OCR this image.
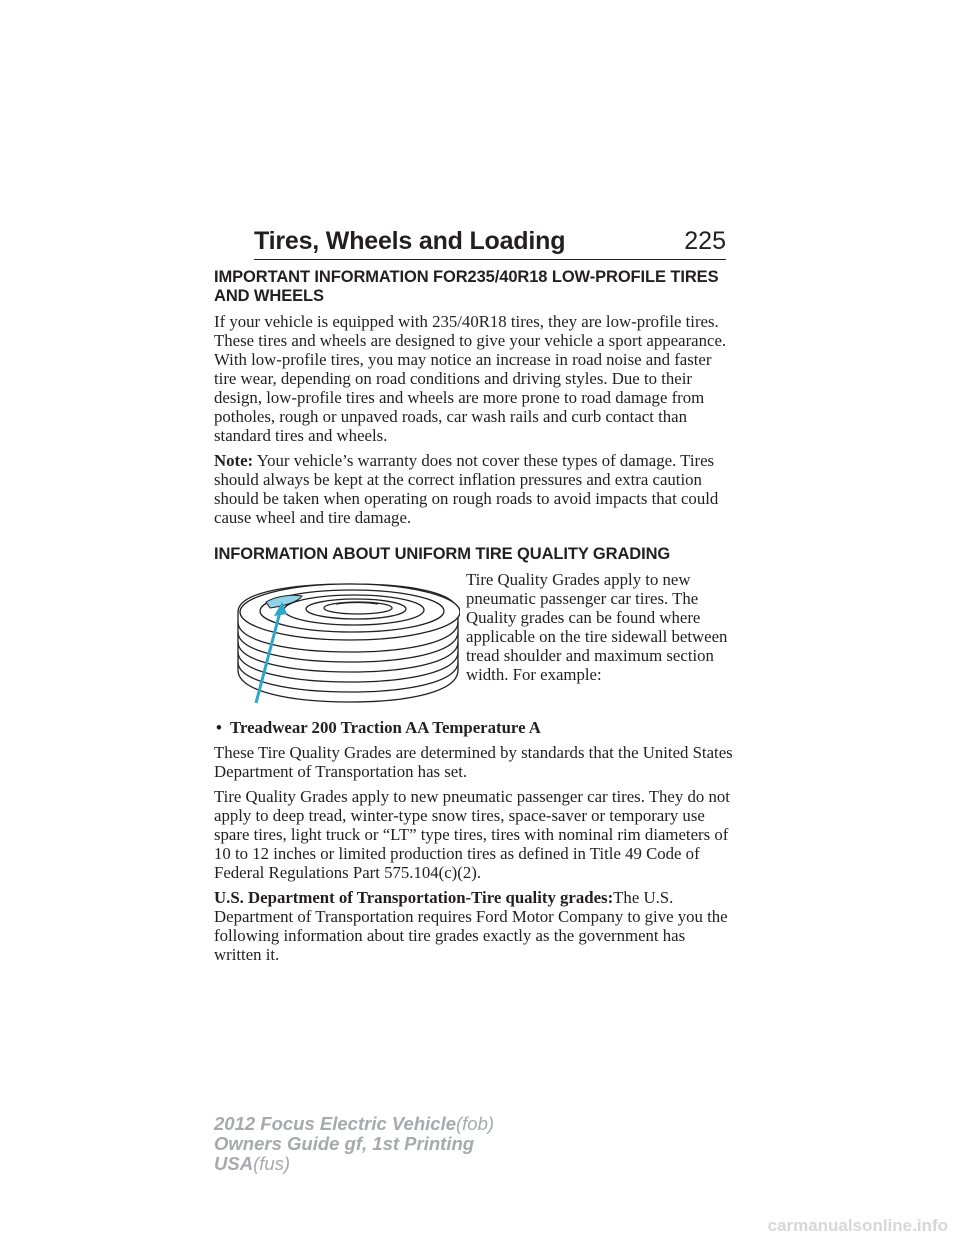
Tires, Wheels and Loading	225
IMPORTANT INFORMATION FOR235/40R18 LOW-PROFILE TIRES AND WHEELS

If your vehicle is equipped with 235/40R18 tires, they are low-profile tires. These tires and wheels are designed to give your vehicle a sport appearance. With low-profile tires, you may notice an increase in road noise and faster tire wear, depending on road conditions and driving styles. Due to their design, low-profile tires and wheels are more prone to road damage from potholes, rough or unpaved roads, car wash rails and curb contact than standard tires and wheels.

Note: Your vehicle’s warranty does not cover these types of damage. Tires should always be kept at the correct inflation pressures and extra caution should be taken when operating on rough roads to avoid impacts that could cause wheel and tire damage.

INFORMATION ABOUT UNIFORM TIRE QUALITY GRADING

Tire Quality Grades apply to new pneumatic passenger car tires. The Quality grades can be found where applicable on the tire sidewall between tread shoulder and maximum section width. For example:

• Treadwear 200 Traction AA Temperature A

These Tire Quality Grades are determined by standards that the United States Department of Transportation has set.

Tire Quality Grades apply to new pneumatic passenger car tires. They do not apply to deep tread, winter-type snow tires, space-saver or temporary use spare tires, light truck or “LT” type tires, tires with nominal rim diameters of 10 to 12 inches or limited production tires as defined in Title 49 Code of Federal Regulations Part 575.104(c)(2).

U.S. Department of Transportation-Tire quality grades:The U.S. Department of Transportation requires Ford Motor Company to give you the following information about tire grades exactly as the government has written it.

2012 Focus Electric Vehicle(fob)
Owners Guide gf, 1st Printing
USA(fus)
carmanualsonline.info
